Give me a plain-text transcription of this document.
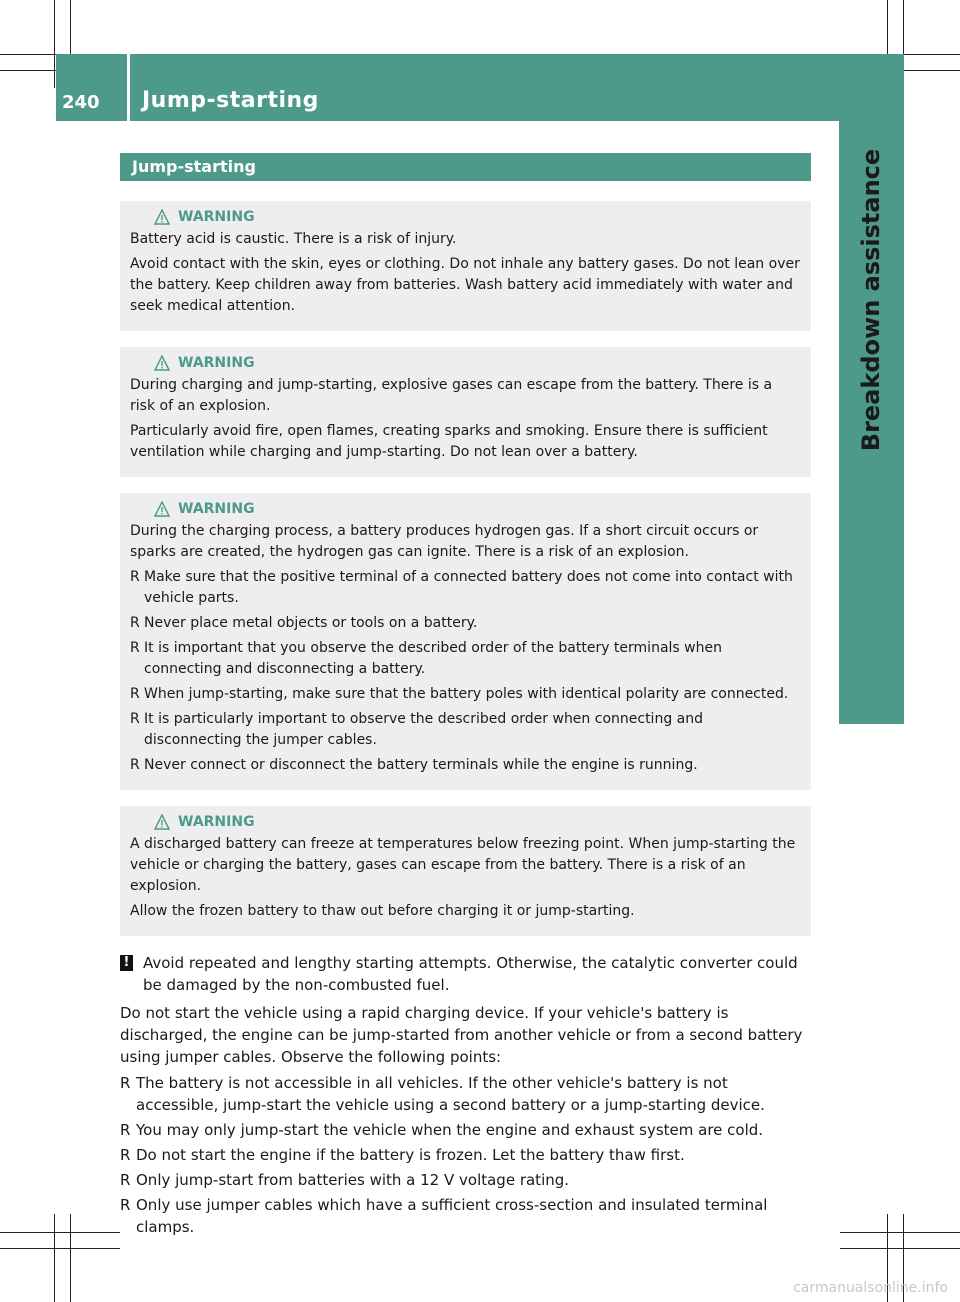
240	Jump-starting
Breakdown assistance
Jump-starting
WARNING

Battery acid is caustic. There is a risk of injury.

Avoid contact with the skin, eyes or clothing. Do not inhale any battery gases. Do not lean over the battery. Keep children away from batteries. Wash battery acid immediately with water and seek medical attention.

WARNING

During charging and jump-starting, explosive gases can escape from the battery. There is a risk of an explosion.

Particularly avoid fire, open flames, creating sparks and smoking. Ensure there is sufficient ventilation while charging and jump-starting. Do not lean over a battery.

WARNING

During the charging process, a battery produces hydrogen gas. If a short circuit occurs or sparks are created, the hydrogen gas can ignite. There is a risk of an explosion.

R Make sure that the positive terminal of a connected battery does not come into contact with vehicle parts.
R Never place metal objects or tools on a battery.
R It is important that you observe the described order of the battery terminals when connecting and disconnecting a battery.
R When jump-starting, make sure that the battery poles with identical polarity are connected.
R It is particularly important to observe the described order when connecting and disconnecting the jumper cables.
R Never connect or disconnect the battery terminals while the engine is running.
WARNING

A discharged battery can freeze at temperatures below freezing point. When jump-starting the vehicle or charging the battery, gases can escape from the battery. There is a risk of an explosion.

Allow the frozen battery to thaw out before charging it or jump-starting.

! Avoid repeated and lengthy starting attempts. Otherwise, the catalytic converter could be damaged by the non-combusted fuel.

Do not start the vehicle using a rapid charging device. If your vehicle's battery is discharged, the engine can be jump-started from another vehicle or from a second battery using jumper cables. Observe the following points:

R The battery is not accessible in all vehicles. If the other vehicle's battery is not accessible, jump-start the vehicle using a second battery or a jump-starting device.
R You may only jump-start the vehicle when the engine and exhaust system are cold.
R Do not start the engine if the battery is frozen. Let the battery thaw first.
R Only jump-start from batteries with a 12 V voltage rating.
R Only use jumper cables which have a sufficient cross-section and insulated terminal clamps.
carmanualsonline.info
